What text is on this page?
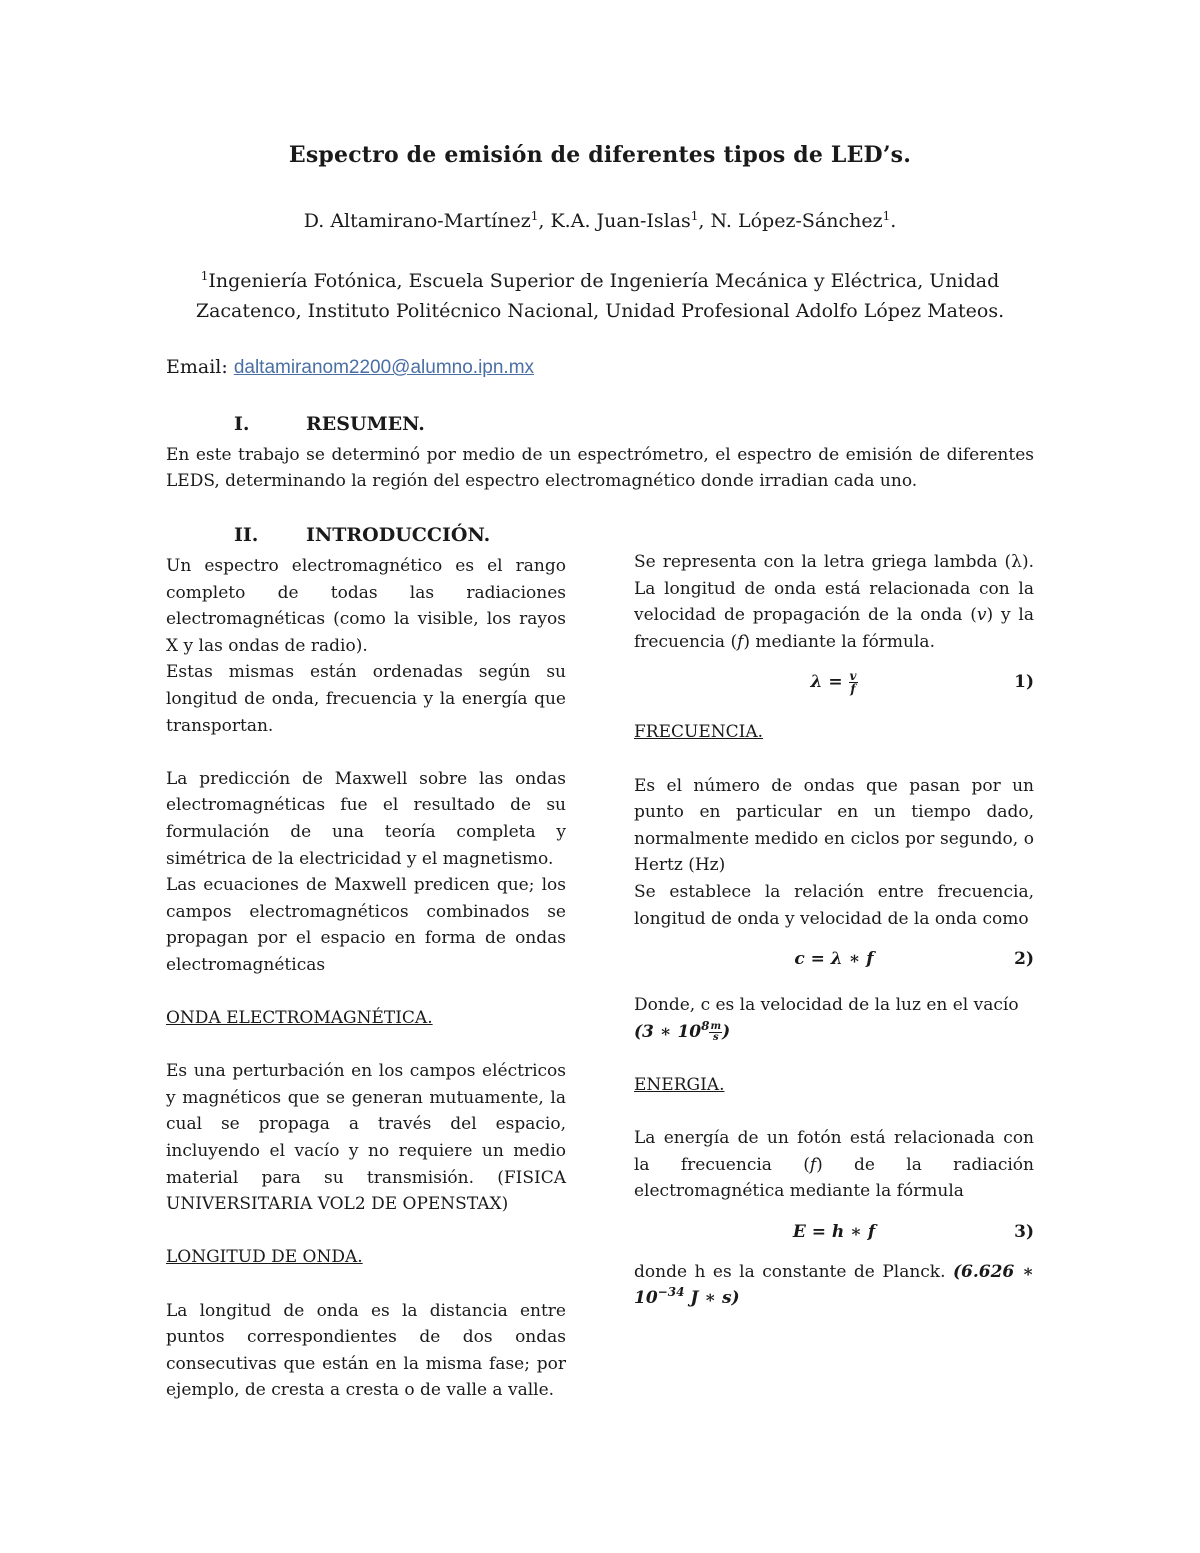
Espectro de emisión de diferentes tipos de LED’s.
D. Altamirano-Martínez$^1$, K.A. Juan-Islas$^1$, N. López-Sánchez$^1$.
$^1$Ingeniería Fotónica, Escuela Superior de Ingeniería Mecánica y Eléctrica, Unidad Zacatenco, Instituto Politécnico Nacional, Unidad Profesional Adolfo López Mateos.
Email: daltamiranom2200@alumno.ipn.mx
I.	RESUMEN.
En este trabajo se determinó por medio de un espectrómetro, el espectro de emisión de diferentes LEDS, determinando la región del espectro electromagnético donde irradian cada uno.
II.	INTRODUCCIÓN.

Un espectro electromagnético es el rango completo de todas las radiaciones electromagnéticas (como la visible, los rayos X y las ondas de radio).

Estas mismas están ordenadas según su longitud de onda, frecuencia y la energía que transportan.

La predicción de Maxwell sobre las ondas electromagnéticas fue el resultado de su formulación de una teoría completa y simétrica de la electricidad y el magnetismo.

Las ecuaciones de Maxwell predicen que; los campos electromagnéticos combinados se propagan por el espacio en forma de ondas electromagnéticas

ONDA ELECTROMAGNÉTICA.

Es una perturbación en los campos eléctricos y magnéticos que se generan mutuamente, la cual se propaga a través del espacio, incluyendo el vacío y no requiere un medio material para su transmisión. (FISICA UNIVERSITARIA VOL2 DE OPENSTAX)

LONGITUD DE ONDA.

La longitud de onda es la distancia entre puntos correspondientes de dos ondas consecutivas que están en la misma fase; por ejemplo, de cresta a cresta o de valle a valle.

Se representa con la letra griega lambda (λ). La longitud de onda está relacionada con la velocidad de propagación de la onda (𝑣) y la frecuencia (𝑓) mediante la fórmula.

$\lambda = \frac{v}{f}$	1)

FRECUENCIA.

Es el número de ondas que pasan por un punto en particular en un tiempo dado, normalmente medido en ciclos por segundo, o Hertz (Hz)

Se establece la relación entre frecuencia, longitud de onda y velocidad de la onda como

c = λ ∗ f	2)

Donde, c es la velocidad de la luz en el vacío
(3 ∗ $10^8 \frac{m}{s}$ )

ENERGIA.

La energía de un fotón está relacionada con la frecuencia (𝑓) de la radiación electromagnética mediante la fórmula

E = h ∗ f	3)

donde h es la constante de Planck. (6.626 ∗ $10^{-34}$ J ∗ s)
